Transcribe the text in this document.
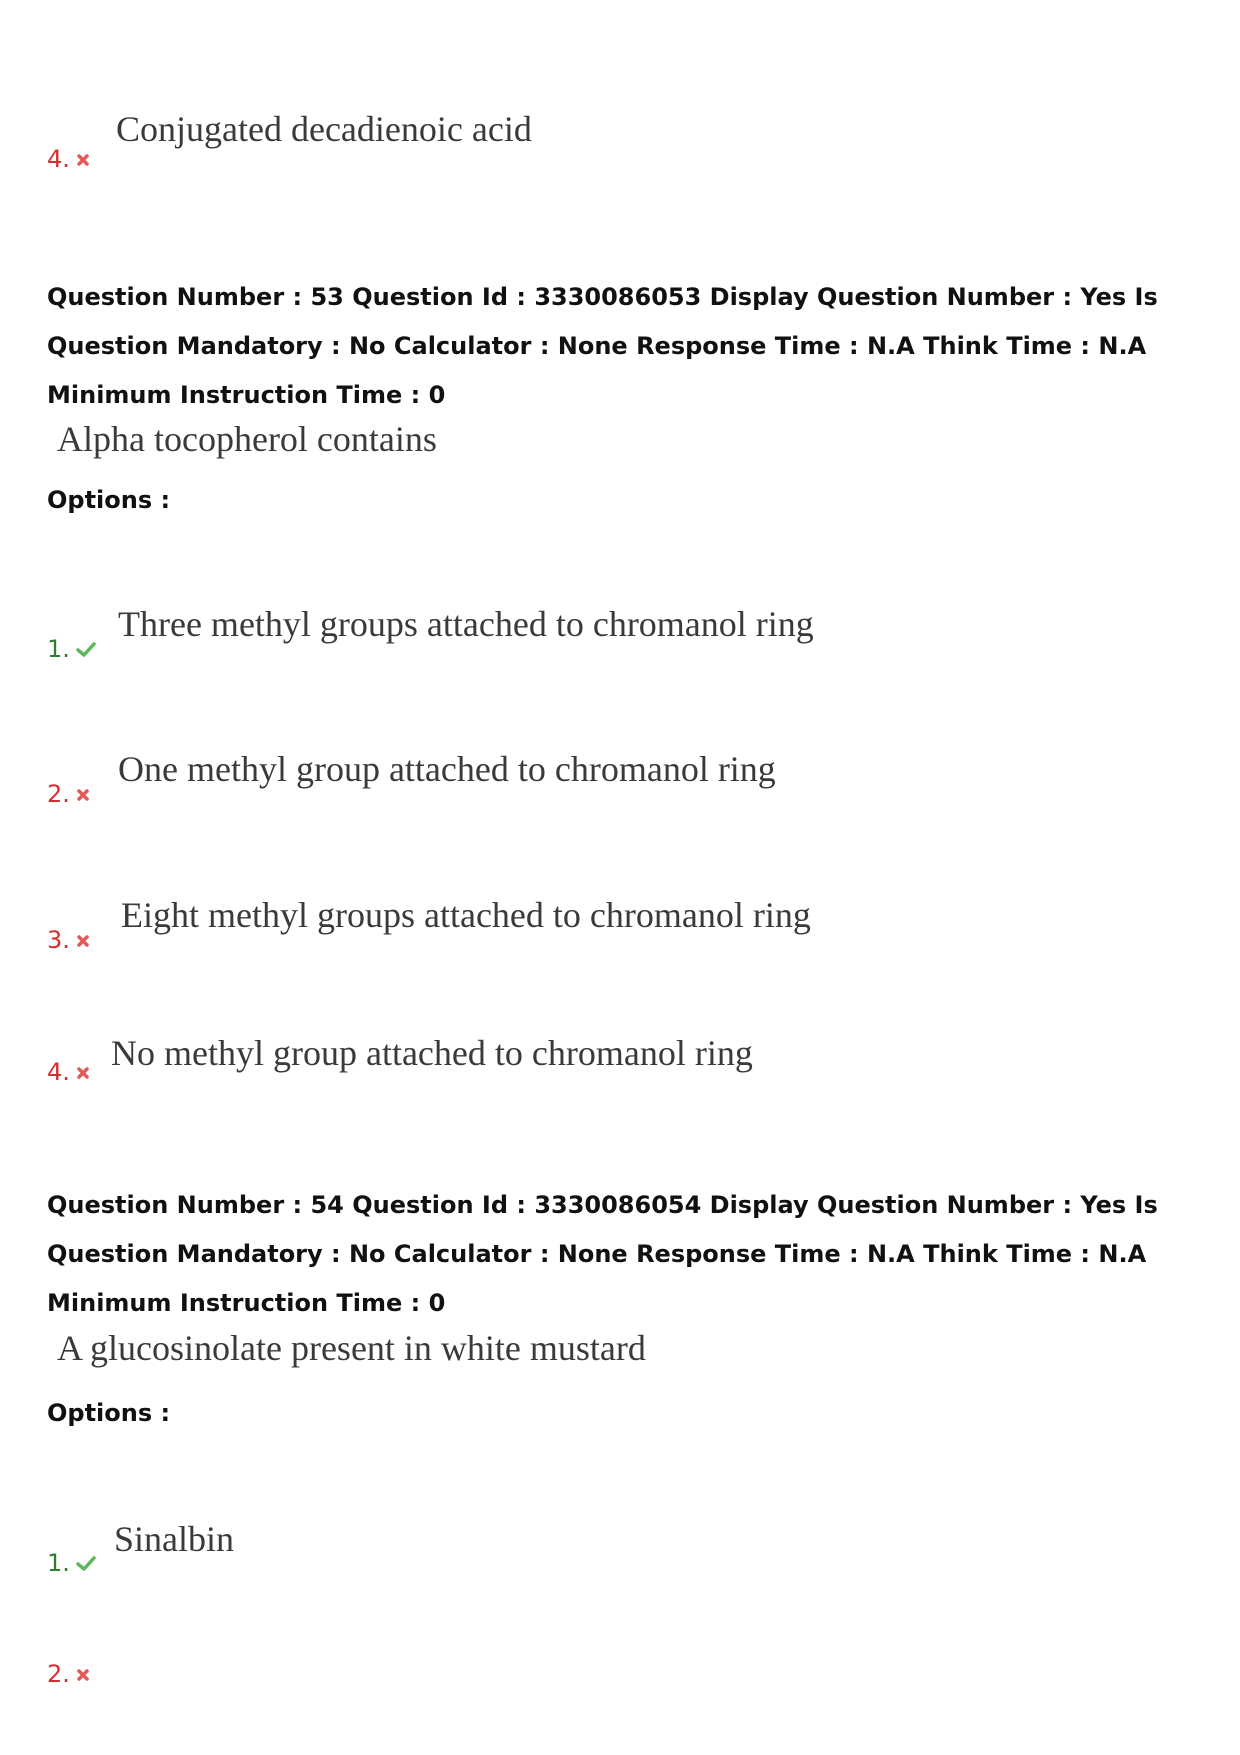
4.
Conjugated decadienoic acid
Question Number : 53 Question Id : 3330086053 Display Question Number : Yes Is Question Mandatory : No Calculator : None Response Time : N.A Think Time : N.A Minimum Instruction Time : 0
Alpha tocopherol contains
Options :
1.
Three methyl groups attached to chromanol ring
2.
One methyl group attached to chromanol ring
3.
Eight methyl groups attached to chromanol ring
4.	No methyl group attached to chromanol ring
Question Number : 54 Question Id : 3330086054 Display Question Number : Yes Is Question Mandatory : No Calculator : None Response Time : N.A Think Time : N.A Minimum Instruction Time : 0
A glucosinolate present in white mustard
Options :
1.
Sinalbin
2.
